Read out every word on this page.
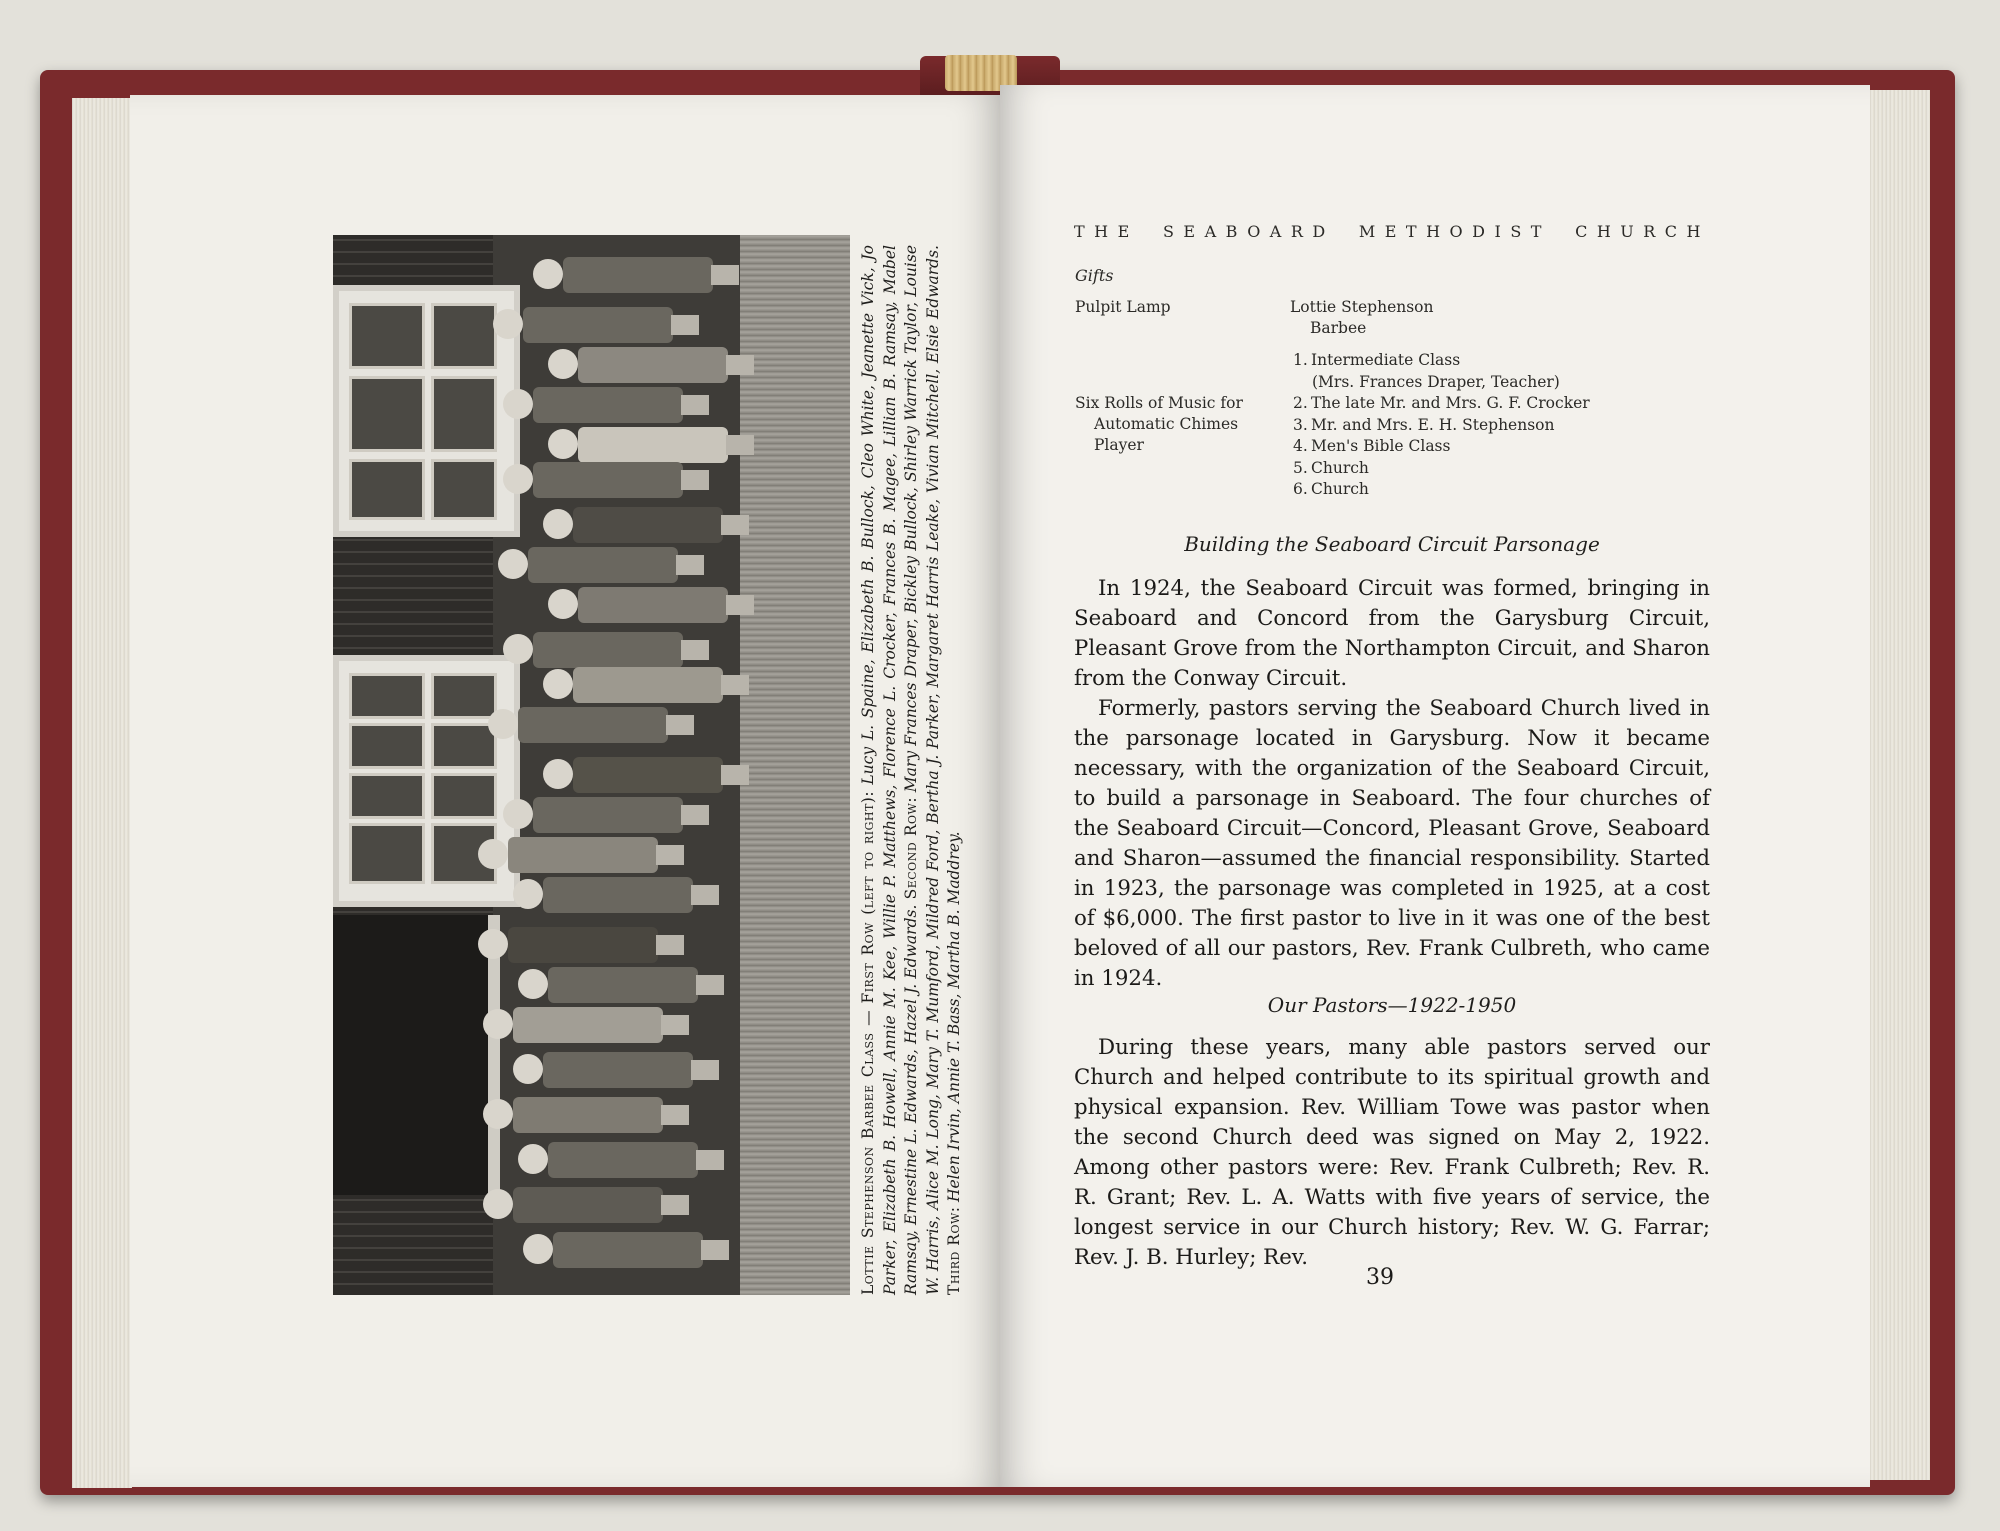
Lottie Stephenson Barbee Class — First Row (left to right): Lucy L. Spaine, Elizabeth B. Bullock, Cleo White, Jeanette Vick, Jo Parker, Elizabeth B. Howell, Annie M. Kee, Willie P. Matthews, Florence L. Crocker, Frances B. Magee, Lillian B. Ramsay, Mabel Ramsay, Ernestine L. Edwards, Hazel J. Edwards. Second Row: Mary Frances Draper, Bickley Bullock, Shirley Warrick Taylor, Louise W. Harris, Alice M. Long, Mary T. Mumford, Mildred Ford, Bertha J. Parker, Margaret Harris Leake, Vivian Mitchell, Elsie Edwards. Third Row: Helen Irvin, Annie T. Bass, Martha B. Maddrey.
THE SEABOARD METHODIST CHURCH
Gifts
Pulpit Lamp	Lottie Stephenson
Barbee
Six Rolls of Music for
Automatic Chimes
Player
1. Intermediate Class
(Mrs. Frances Draper, Teacher)
2. The late Mr. and Mrs. G. F. Crocker
3. Mr. and Mrs. E. H. Stephenson
4. Men's Bible Class
5. Church
6. Church
Building the Seaboard Circuit Parsonage

In 1924, the Seaboard Circuit was formed, bringing in Seaboard and Concord from the Garysburg Circuit, Pleasant Grove from the Northampton Circuit, and Sharon from the Conway Circuit.

Formerly, pastors serving the Seaboard Church lived in the parsonage located in Garysburg. Now it became necessary, with the organization of the Seaboard Circuit, to build a parsonage in Seaboard. The four churches of the Seaboard Circuit—Concord, Pleasant Grove, Seaboard and Sharon—assumed the financial responsibility. Started in 1923, the parsonage was completed in 1925, at a cost of $6,000. The first pastor to live in it was one of the best beloved of all our pastors, Rev. Frank Culbreth, who came in 1924.

Our Pastors—1922-1950

During these years, many able pastors served our Church and helped contribute to its spiritual growth and physical expansion. Rev. William Towe was pastor when the second Church deed was signed on May 2, 1922. Among other pastors were: Rev. Frank Culbreth; Rev. R. R. Grant; Rev. L. A. Watts with five years of service, the longest service in our Church history; Rev. W. G. Farrar; Rev. J. B. Hurley; Rev.

39
